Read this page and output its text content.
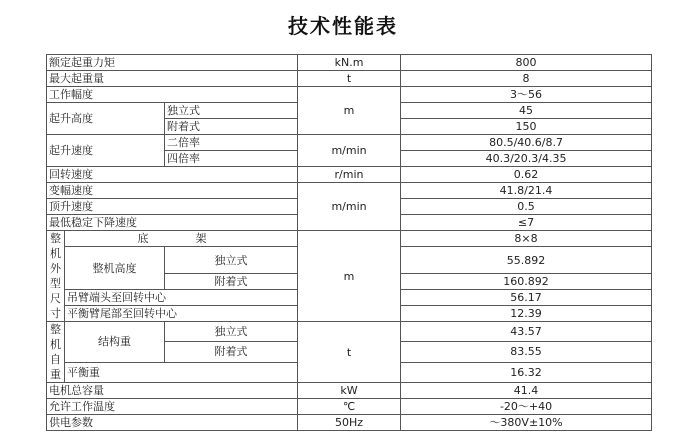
技术性能表
额定起重力矩			kN.m	800
最大起重量			t	8
工作幅度			m	3～56
起升高度		独立式		45
		附着式		150
起升速度		二倍率	m/min	80.5/40.6/8.7
		四倍率		40.3/20.3/4.35
回转速度			r/min	0.62
变幅速度			m/min	41.8/21.4
顶升速度				0.5
最低稳定下降速度				≤7
整机外型尺寸	底　架		m	8×8
	整机高度	独立式		55.892
		附着式		160.892
	吊臂端头至回转中心			56.17
	平衡臂尾部至回转中心			12.39
整机自重	结构重	独立式	t	43.57
		附着式		83.55
	平衡重			16.32
电机总容量			kW	41.4
允许工作温度			℃	-20～+40
供电参数			50Hz	～380V±10%
